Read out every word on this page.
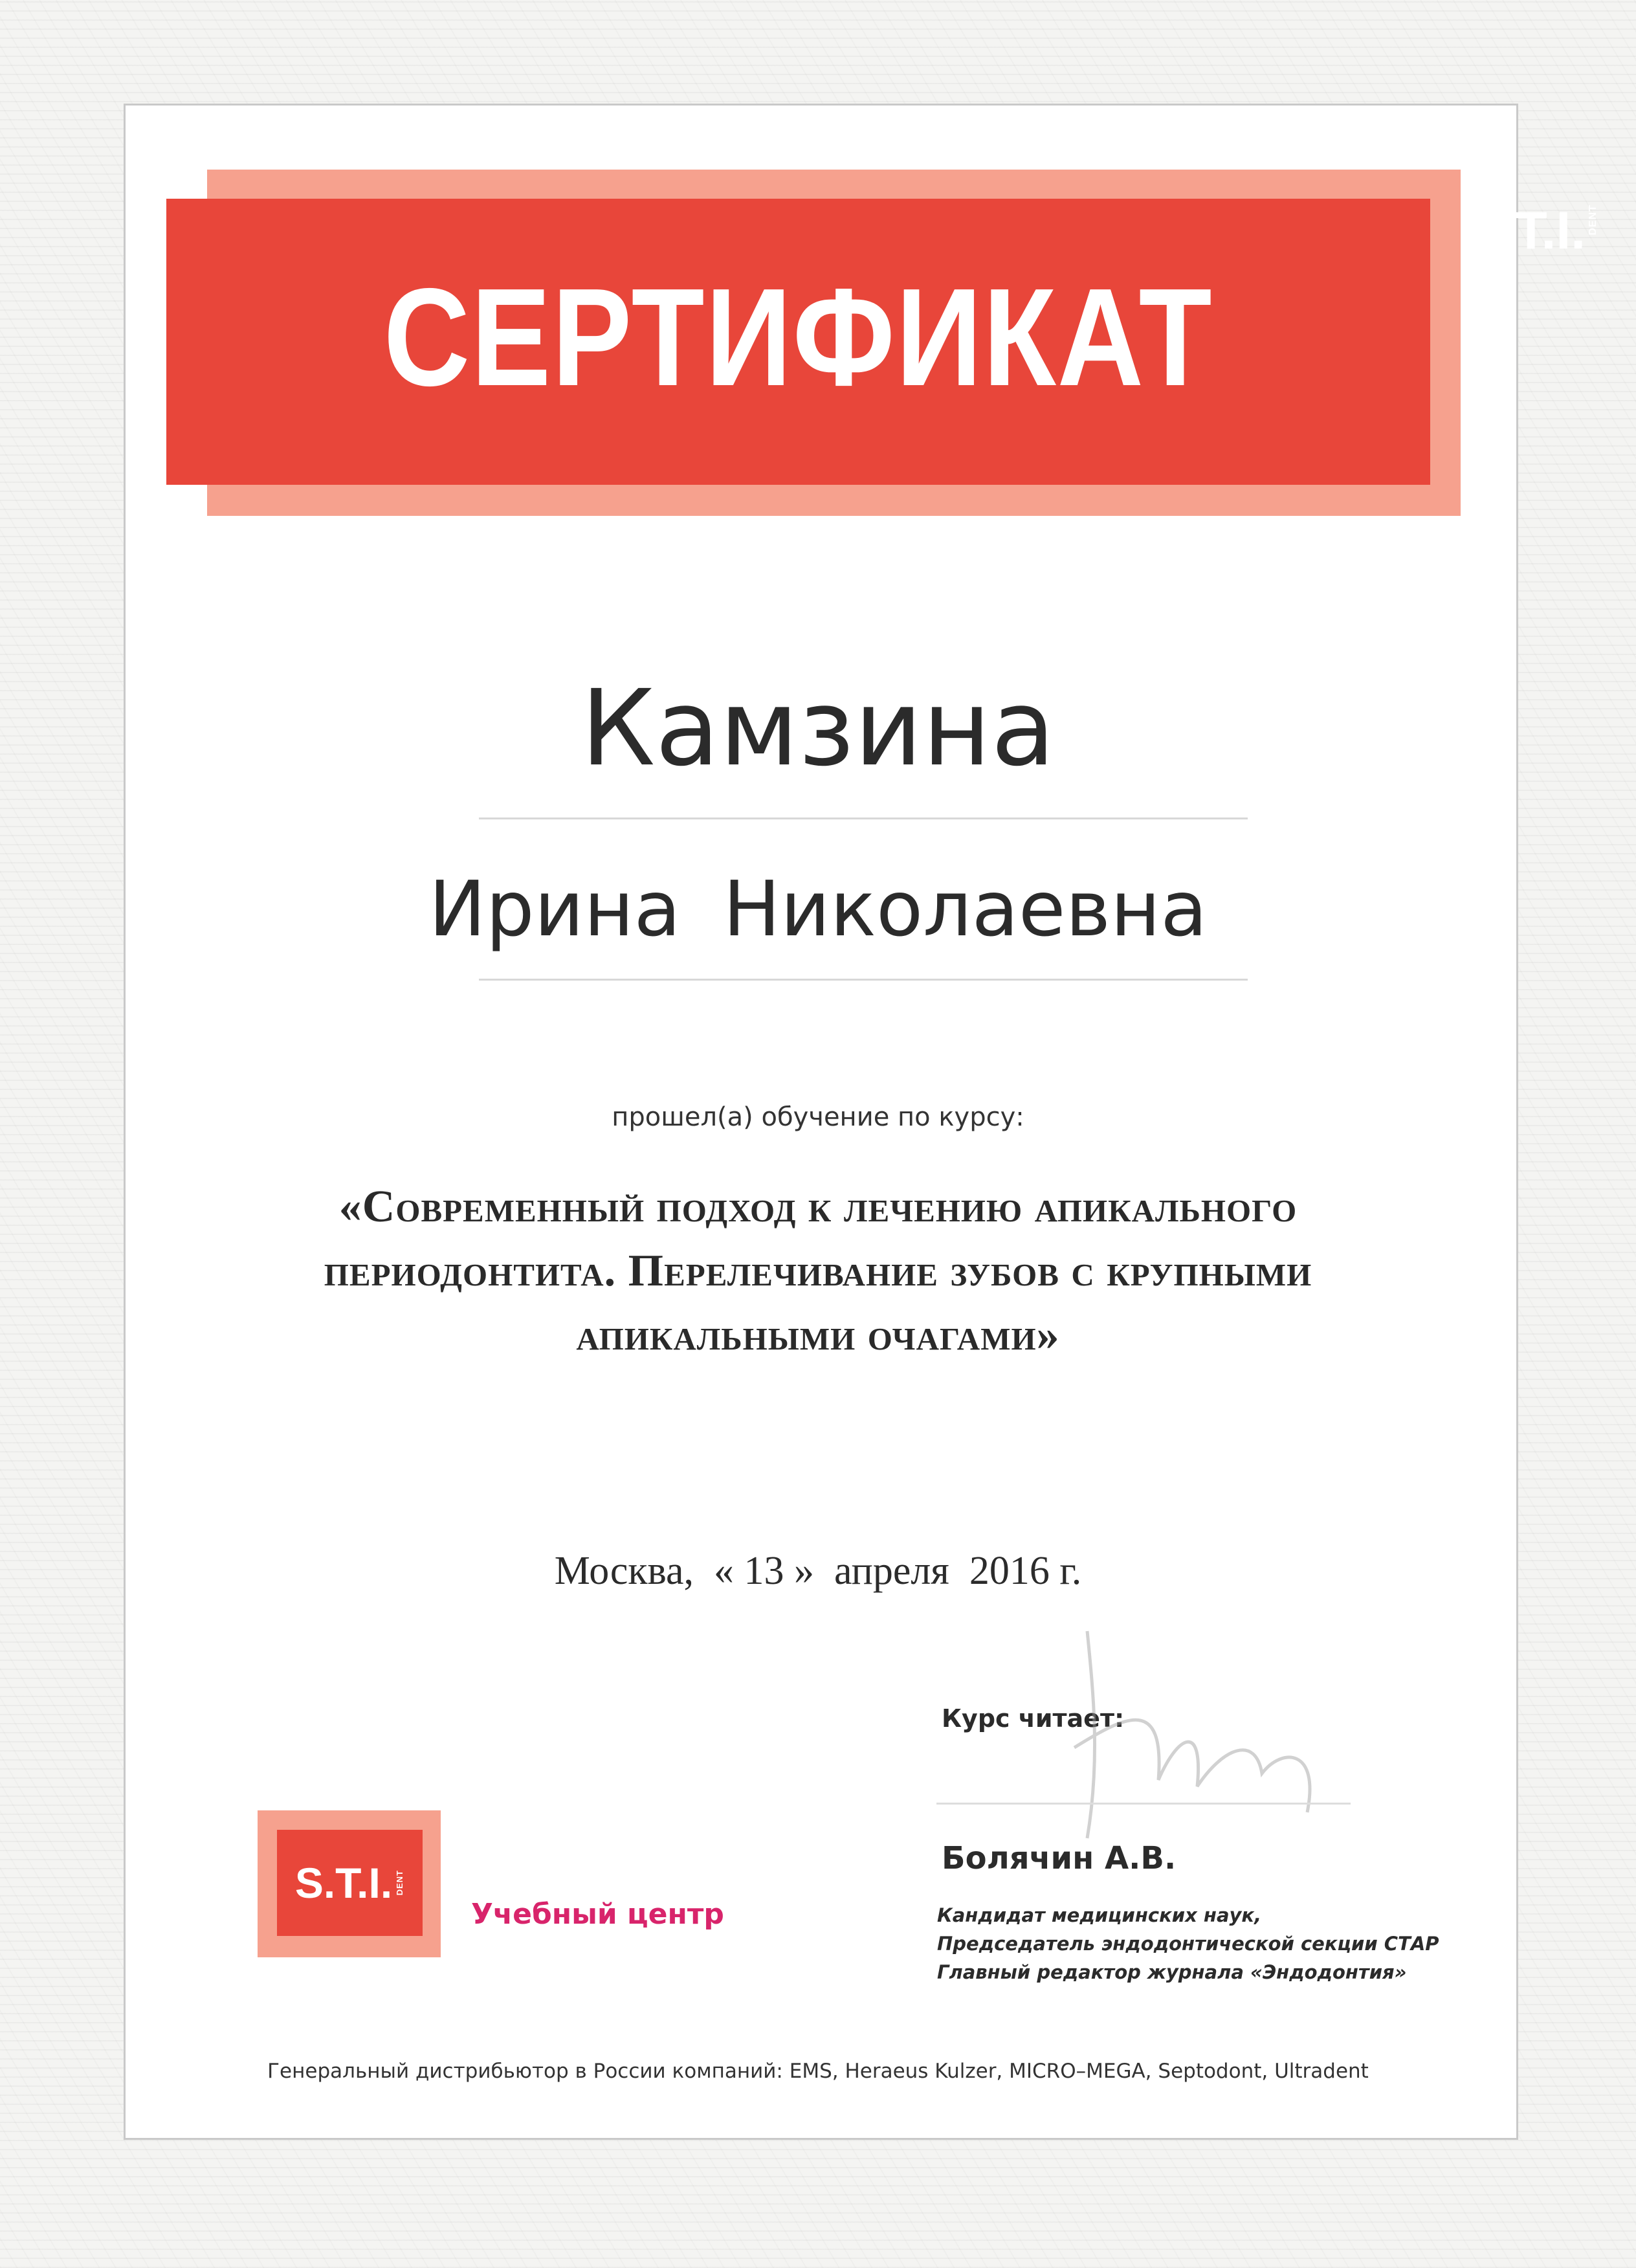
СЕРТИФИКАТ
S.T.I. DENT
Камзина
Ирина Николаевна
прошел(а) обучение по курсу:
«Современный подход к лечению апикального
периодонтита. Перелечивание зубов с крупными
апикальными очагами»
Москва,  « 13 »  апреля  2016 г.
Курс читает:
Болячин А.В.
Кандидат медицинских наук,
Председатель эндодонтической секции СТАР
Главный редактор журнала «Эндодонтия»
S.T.I. DENT
Учебный центр
Генеральный дистрибьютор в России компаний: EMS, Heraeus Kulzer, MICRO–MEGA, Septodont, Ultradent
